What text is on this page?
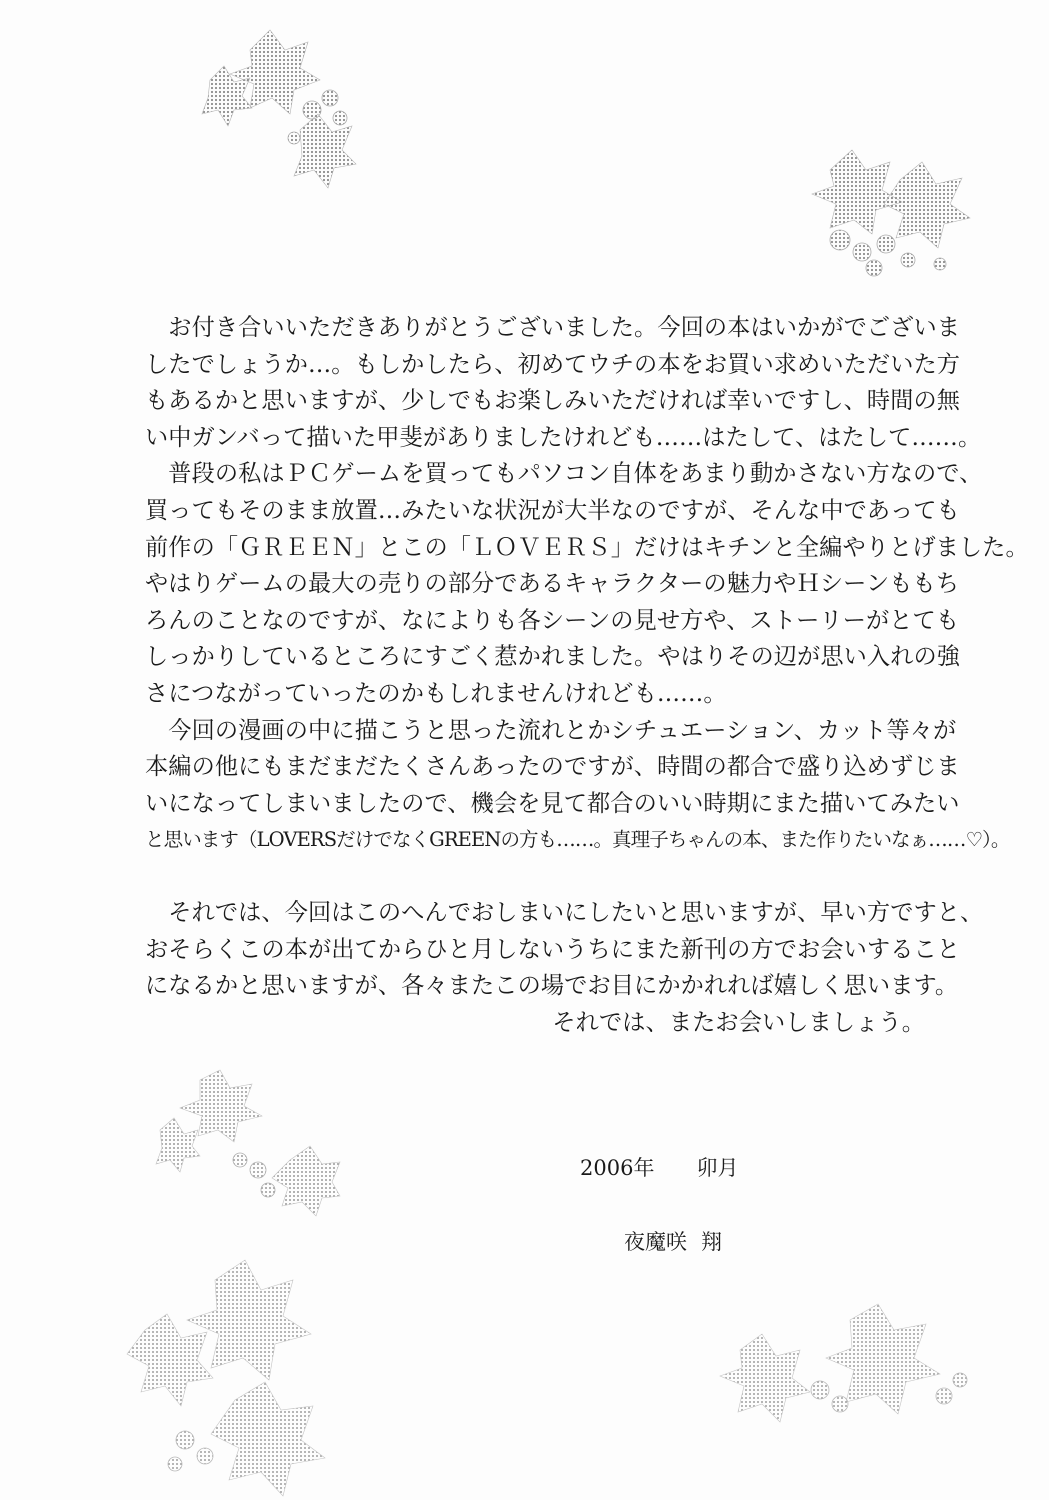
　お付き合いいただきありがとうございました。今回の本はいかがでございま
したでしょうか…。もしかしたら、初めてウチの本をお買い求めいただいた方
もあるかと思いますが、少しでもお楽しみいただければ幸いですし、時間の無
い中ガンバって描いた甲斐がありましたけれども……はたして、はたして……。
　普段の私はＰＣゲームを買ってもパソコン自体をあまり動かさない方なので、
買ってもそのまま放置…みたいな状況が大半なのですが、そんな中であっても
前作の「ＧＲＥＥＮ」とこの「ＬＯＶＥＲＳ」だけはキチンと全編やりとげました。
やはりゲームの最大の売りの部分であるキャラクターの魅力やＨシーンももち
ろんのことなのですが、なによりも各シーンの見せ方や、ストーリーがとても
しっかりしているところにすごく惹かれました。やはりその辺が思い入れの強
さにつながっていったのかもしれませんけれども……。
　今回の漫画の中に描こうと思った流れとかシチュエーション、カット等々が
本編の他にもまだまだたくさんあったのですが、時間の都合で盛り込めずじま
いになってしまいましたので、機会を見て都合のいい時期にまた描いてみたい
と思います（LOVERSだけでなくGREENの方も……。真理子ちゃんの本、また作りたいなぁ……♡）。
　それでは、今回はこのへんでおしまいにしたいと思いますが、早い方ですと、
おそらくこの本が出てからひと月しないうちにまた新刊の方でお会いすること
になるかと思いますが、各々またこの場でお目にかかれれば嬉しく思います。
それでは、またお会いしましょう。
2006年 卯月
夜魔咲 翔
